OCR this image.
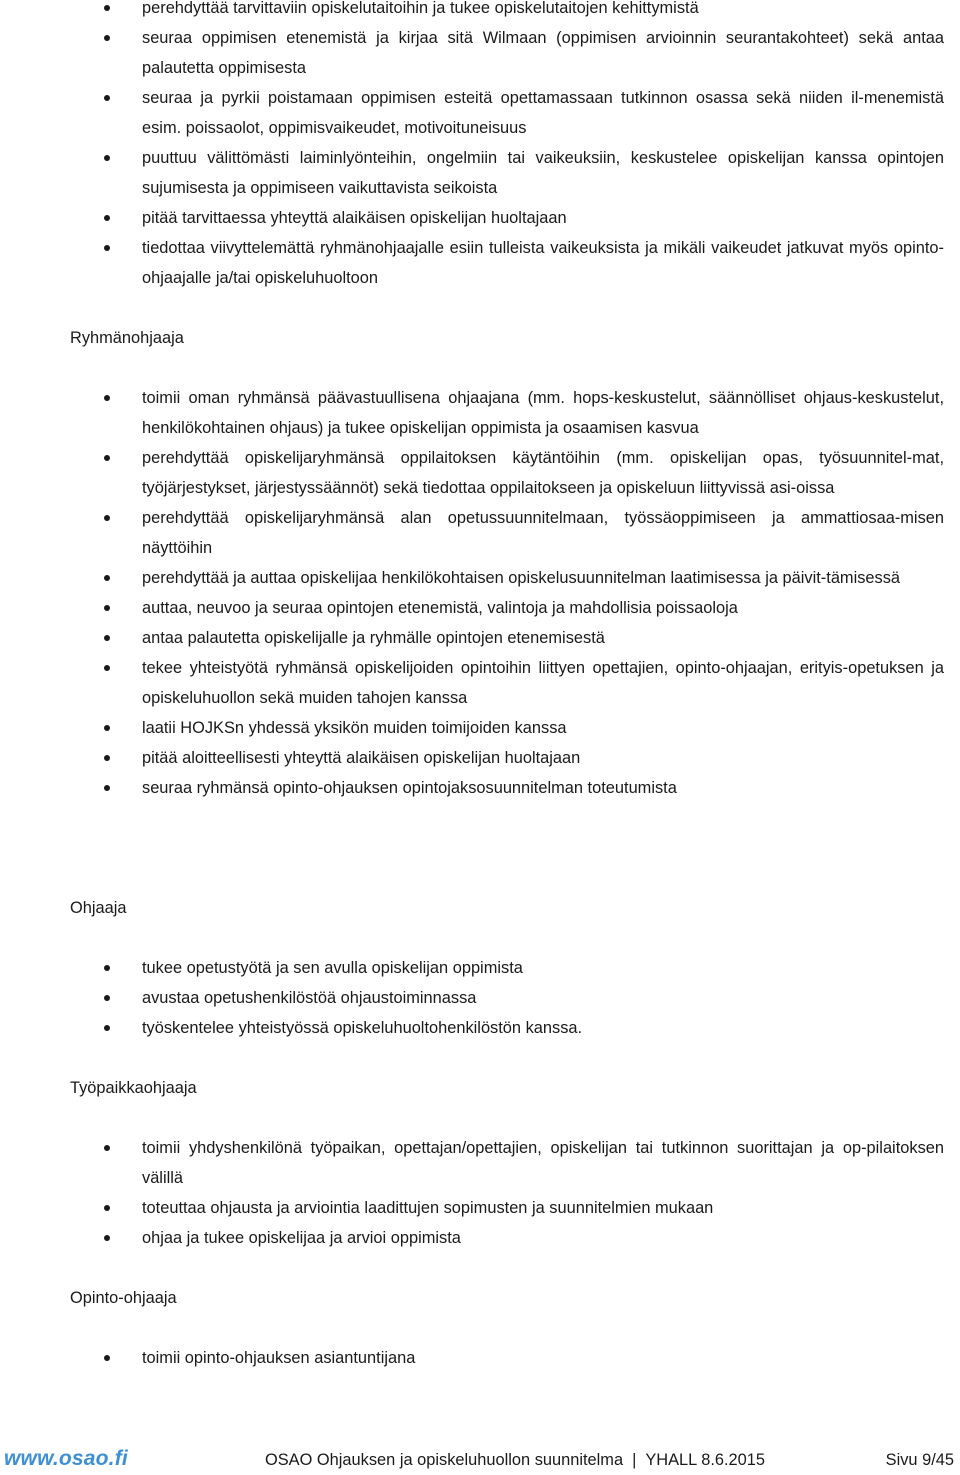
perehdyttää tarvittaviin opiskelutaitoihin ja tukee opiskelutaitojen kehittymistä
seuraa oppimisen etenemistä ja kirjaa sitä Wilmaan (oppimisen arvioinnin seurantakohteet) sekä antaa palautetta oppimisesta
seuraa ja pyrkii poistamaan oppimisen esteitä opettamassaan tutkinnon osassa sekä niiden il-menemistä esim. poissaolot, oppimisvaikeudet, motivoituneisuus
puuttuu välittömästi laiminlyönteihin, ongelmiin tai vaikeuksiin, keskustelee opiskelijan kanssa opintojen sujumisesta ja oppimiseen vaikuttavista seikoista
pitää tarvittaessa yhteyttä alaikäisen opiskelijan huoltajaan
tiedottaa viivyttelemättä ryhmänohjaajalle esiin tulleista vaikeuksista ja mikäli vaikeudet jatkuvat myös opinto-ohjaajalle ja/tai opiskeluhuoltoon
Ryhmänohjaaja
toimii oman ryhmänsä päävastuullisena ohjaajana (mm. hops-keskustelut, säännölliset ohjaus-keskustelut, henkilökohtainen ohjaus) ja tukee opiskelijan oppimista ja osaamisen kasvua
perehdyttää opiskelijaryhmänsä oppilaitoksen käytäntöihin (mm. opiskelijan opas, työsuunnitel-mat, työjärjestykset, järjestyssäännöt) sekä tiedottaa oppilaitokseen ja opiskeluun liittyvissä asi-oissa
perehdyttää opiskelijaryhmänsä alan opetussuunnitelmaan, työssäoppimiseen ja ammattiosaa-misen näyttöihin
perehdyttää ja auttaa opiskelijaa henkilökohtaisen opiskelusuunnitelman laatimisessa ja päivit-tämisessä
auttaa, neuvoo ja seuraa opintojen etenemistä, valintoja ja mahdollisia poissaoloja
antaa palautetta opiskelijalle ja ryhmälle opintojen etenemisestä
tekee yhteistyötä ryhmänsä opiskelijoiden opintoihin liittyen opettajien, opinto-ohjaajan, erityis-opetuksen ja opiskeluhuollon sekä muiden tahojen kanssa
laatii HOJKSn yhdessä yksikön muiden toimijoiden kanssa
pitää aloitteellisesti yhteyttä alaikäisen opiskelijan huoltajaan
seuraa ryhmänsä opinto-ohjauksen opintojaksosuunnitelman toteutumista
Ohjaaja
tukee opetustyötä ja sen avulla opiskelijan oppimista
avustaa opetushenkilöstöä ohjaustoiminnassa
työskentelee yhteistyössä opiskeluhuoltohenkilöstön kanssa.
Työpaikkaohjaaja
toimii yhdyshenkilönä työpaikan, opettajan/opettajien, opiskelijan tai tutkinnon suorittajan ja op-pilaitoksen välillä
toteuttaa ohjausta ja arviointia laadittujen sopimusten ja suunnitelmien mukaan
ohjaa ja tukee opiskelijaa ja arvioi oppimista
Opinto-ohjaaja
toimii opinto-ohjauksen asiantuntijana
www.osao.fi	OSAO Ohjauksen ja opiskeluhuollon suunnitelma | YHALL 8.6.2015	Sivu 9/45
